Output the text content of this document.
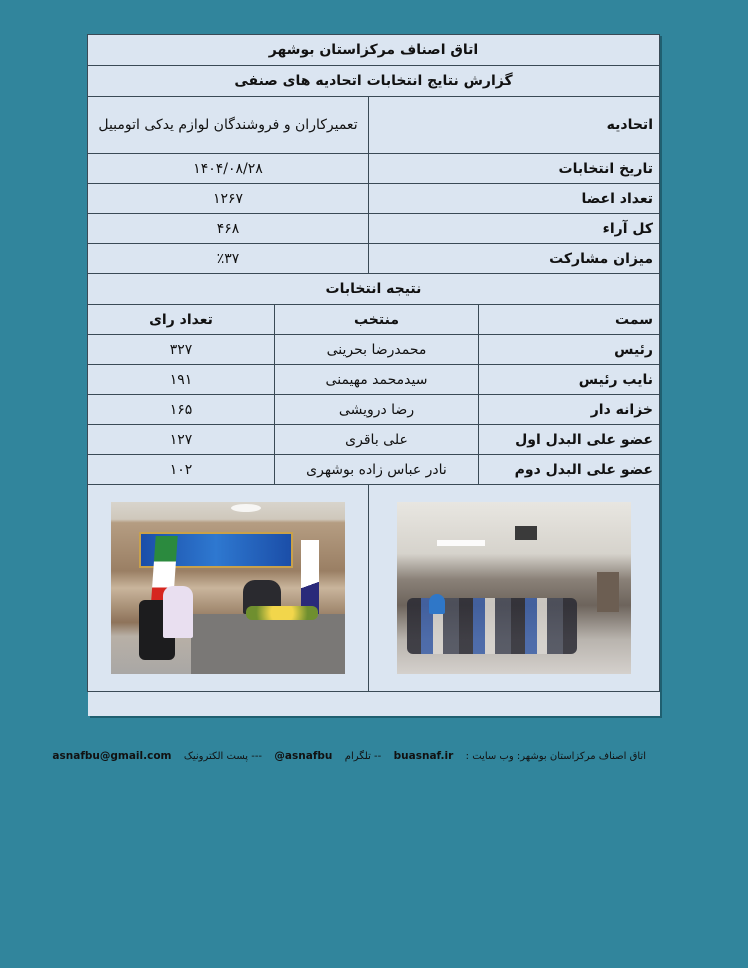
اتاق اصناف مرکزاستان بوشهر			
گزارش نتایج انتخابات اتحادیه های صنفی			
اتحادیه		تعمیرکاران و فروشندگان لوازم یدکی اتومبیل	
تاریخ انتخابات		۱۴۰۴/۰۸/۲۸	
تعداد اعضا		۱۲۶۷	
کل آراء		۴۶۸	
میزان مشارکت		٪۳۷	
نتیجه انتخابات			
سمت	منتخب		تعداد رای
رئیس	محمدرضا بحرینی		۳۲۷
نایب رئیس	سیدمحمد مهیمنی		۱۹۱
خزانه دار	رضا درویشی		۱۶۵
عضو علی البدل اول	علی باقری		۱۲۷
عضو علی البدل دوم	نادر عباس زاده بوشهری		۱۰۲

اتاق اصناف مرکزاستان بوشهر: وب سایت :  buasnaf.ir  -- تلگرام  @asnafbu  --- پست الکترونیک  asnafbu@gmail.com
